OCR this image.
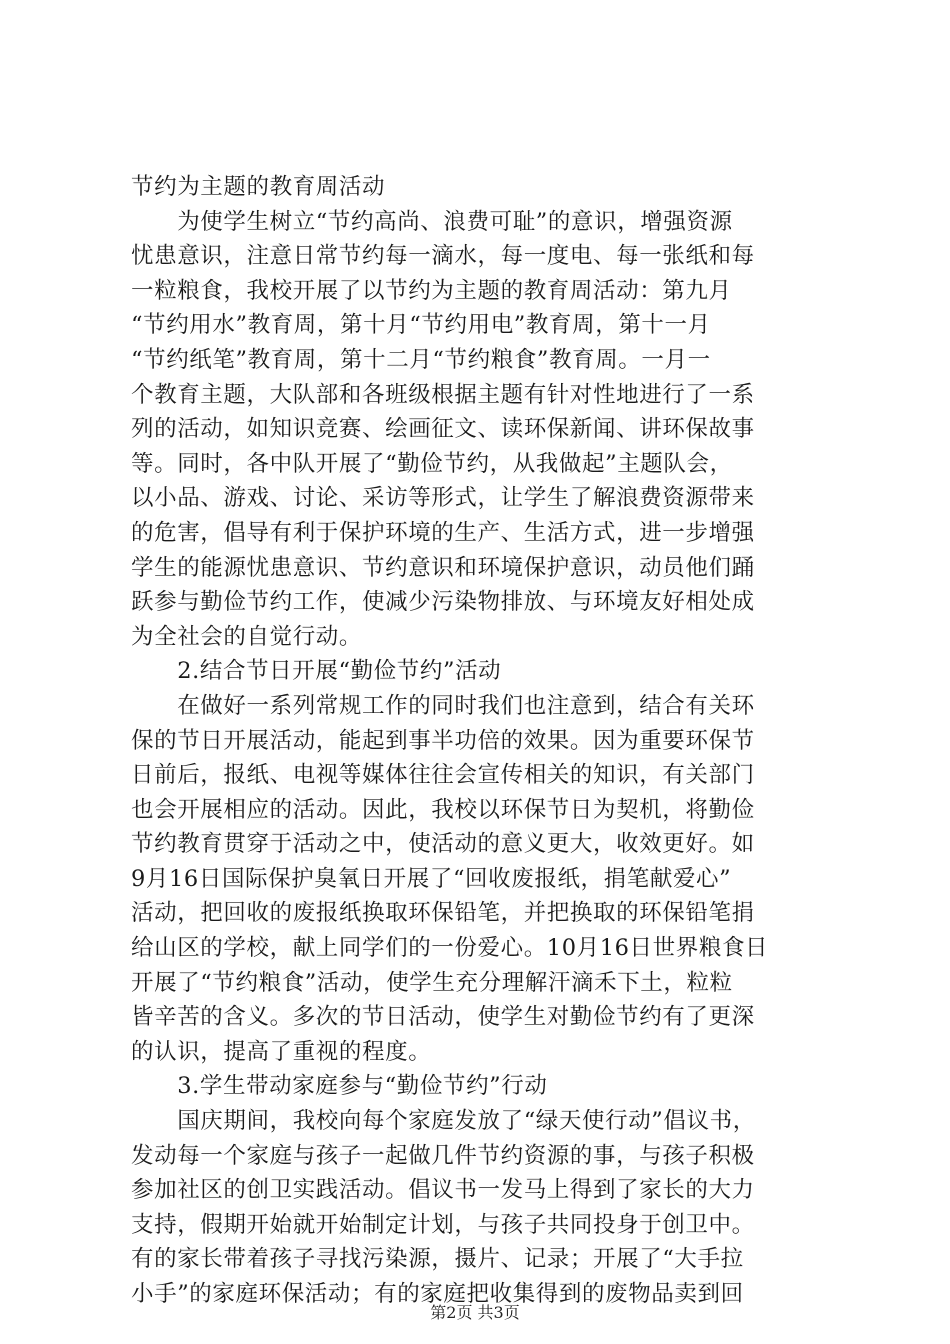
节约为主题的教育周活动
　　为使学生树立“节约高尚、浪费可耻”的意识，增强资源
忧患意识，注意日常节约每一滴水，每一度电、每一张纸和每
一粒粮食，我校开展了以节约为主题的教育周活动：第九月
“节约用水”教育周，第十月“节约用电”教育周，第十一月
“节约纸笔”教育周，第十二月“节约粮食”教育周。一月一
个教育主题，大队部和各班级根据主题有针对性地进行了一系
列的活动，如知识竞赛、绘画征文、读环保新闻、讲环保故事
等。同时，各中队开展了“勤俭节约，从我做起”主题队会，
以小品、游戏、讨论、采访等形式，让学生了解浪费资源带来
的危害，倡导有利于保护环境的生产、生活方式，进一步增强
学生的能源忧患意识、节约意识和环境保护意识，动员他们踊
跃参与勤俭节约工作，使减少污染物排放、与环境友好相处成
为全社会的自觉行动。
　　2.结合节日开展“勤俭节约”活动
　　在做好一系列常规工作的同时我们也注意到，结合有关环
保的节日开展活动，能起到事半功倍的效果。因为重要环保节
日前后，报纸、电视等媒体往往会宣传相关的知识，有关部门
也会开展相应的活动。因此，我校以环保节日为契机，将勤俭
节约教育贯穿于活动之中，使活动的意义更大，收效更好。如
9月16日国际保护臭氧日开展了“回收废报纸，捐笔献爱心”
活动，把回收的废报纸换取环保铅笔，并把换取的环保铅笔捐
给山区的学校，献上同学们的一份爱心。10月16日世界粮食日
开展了“节约粮食”活动，使学生充分理解汗滴禾下土，粒粒
皆辛苦的含义。多次的节日活动，使学生对勤俭节约有了更深
的认识，提高了重视的程度。
　　3.学生带动家庭参与“勤俭节约”行动
　　国庆期间，我校向每个家庭发放了“绿天使行动”倡议书，
发动每一个家庭与孩子一起做几件节约资源的事，与孩子积极
参加社区的创卫实践活动。倡议书一发马上得到了家长的大力
支持，假期开始就开始制定计划，与孩子共同投身于创卫中。
有的家长带着孩子寻找污染源，摄片、记录；开展了“大手拉
小手”的家庭环保活动；有的家庭把收集得到的废物品卖到回
第2页 共3页
